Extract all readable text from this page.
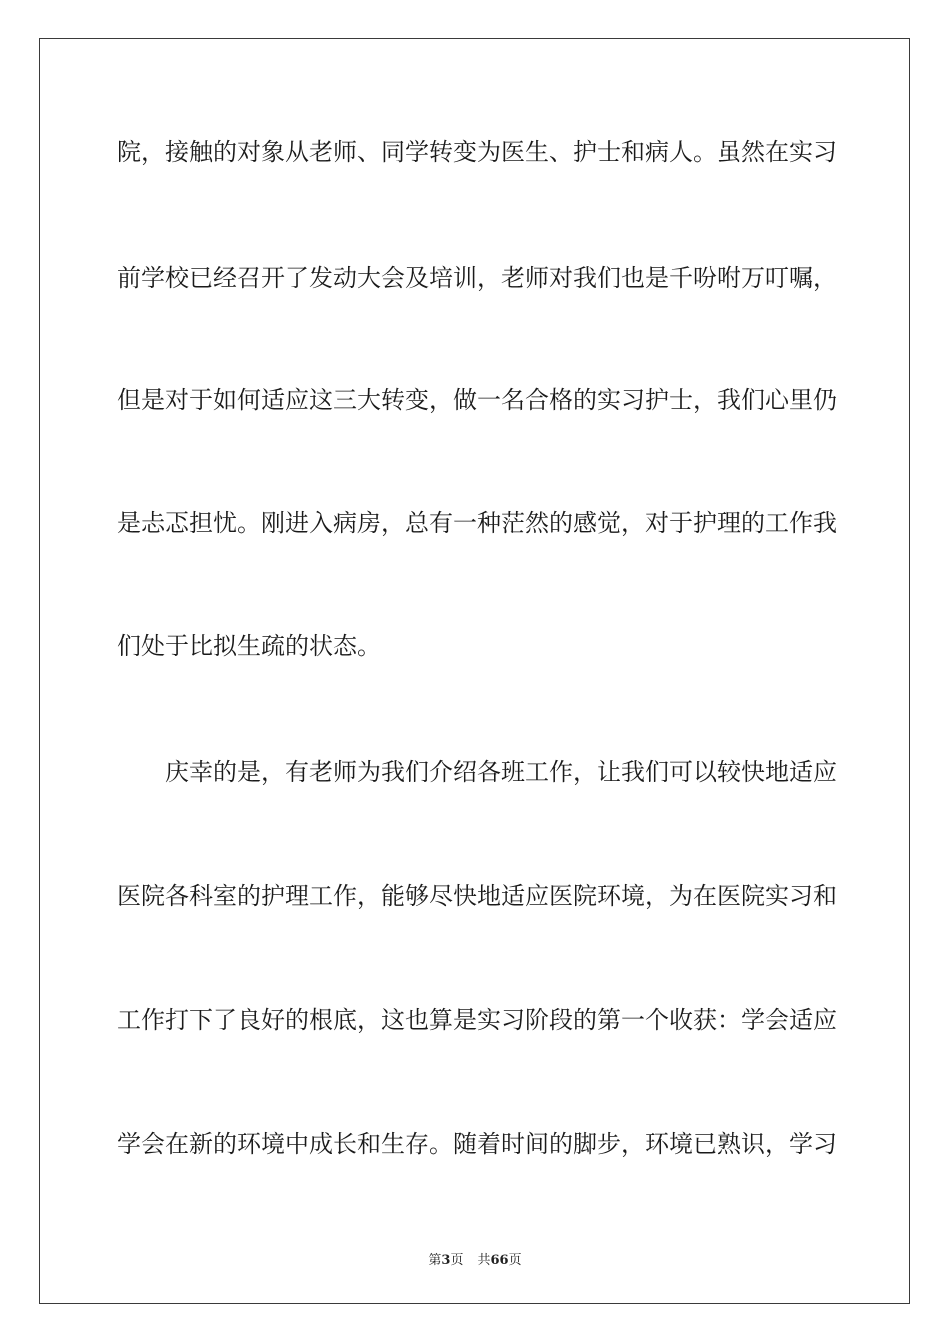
院，接触的对象从老师、同学转变为医生、护士和病人。虽然在实习
前学校已经召开了发动大会及培训，老师对我们也是千吩咐万叮嘱，
但是对于如何适应这三大转变，做一名合格的实习护士，我们心里仍
是忐忑担忧。刚进入病房，总有一种茫然的感觉，对于护理的工作我
们处于比拟生疏的状态。
庆幸的是，有老师为我们介绍各班工作，让我们可以较快地适应
医院各科室的护理工作，能够尽快地适应医院环境，为在医院实习和
工作打下了良好的根底，这也算是实习阶段的第一个收获：学会适应
学会在新的环境中成长和生存。随着时间的脚步，环境已熟识，学习
第3页 共66页
